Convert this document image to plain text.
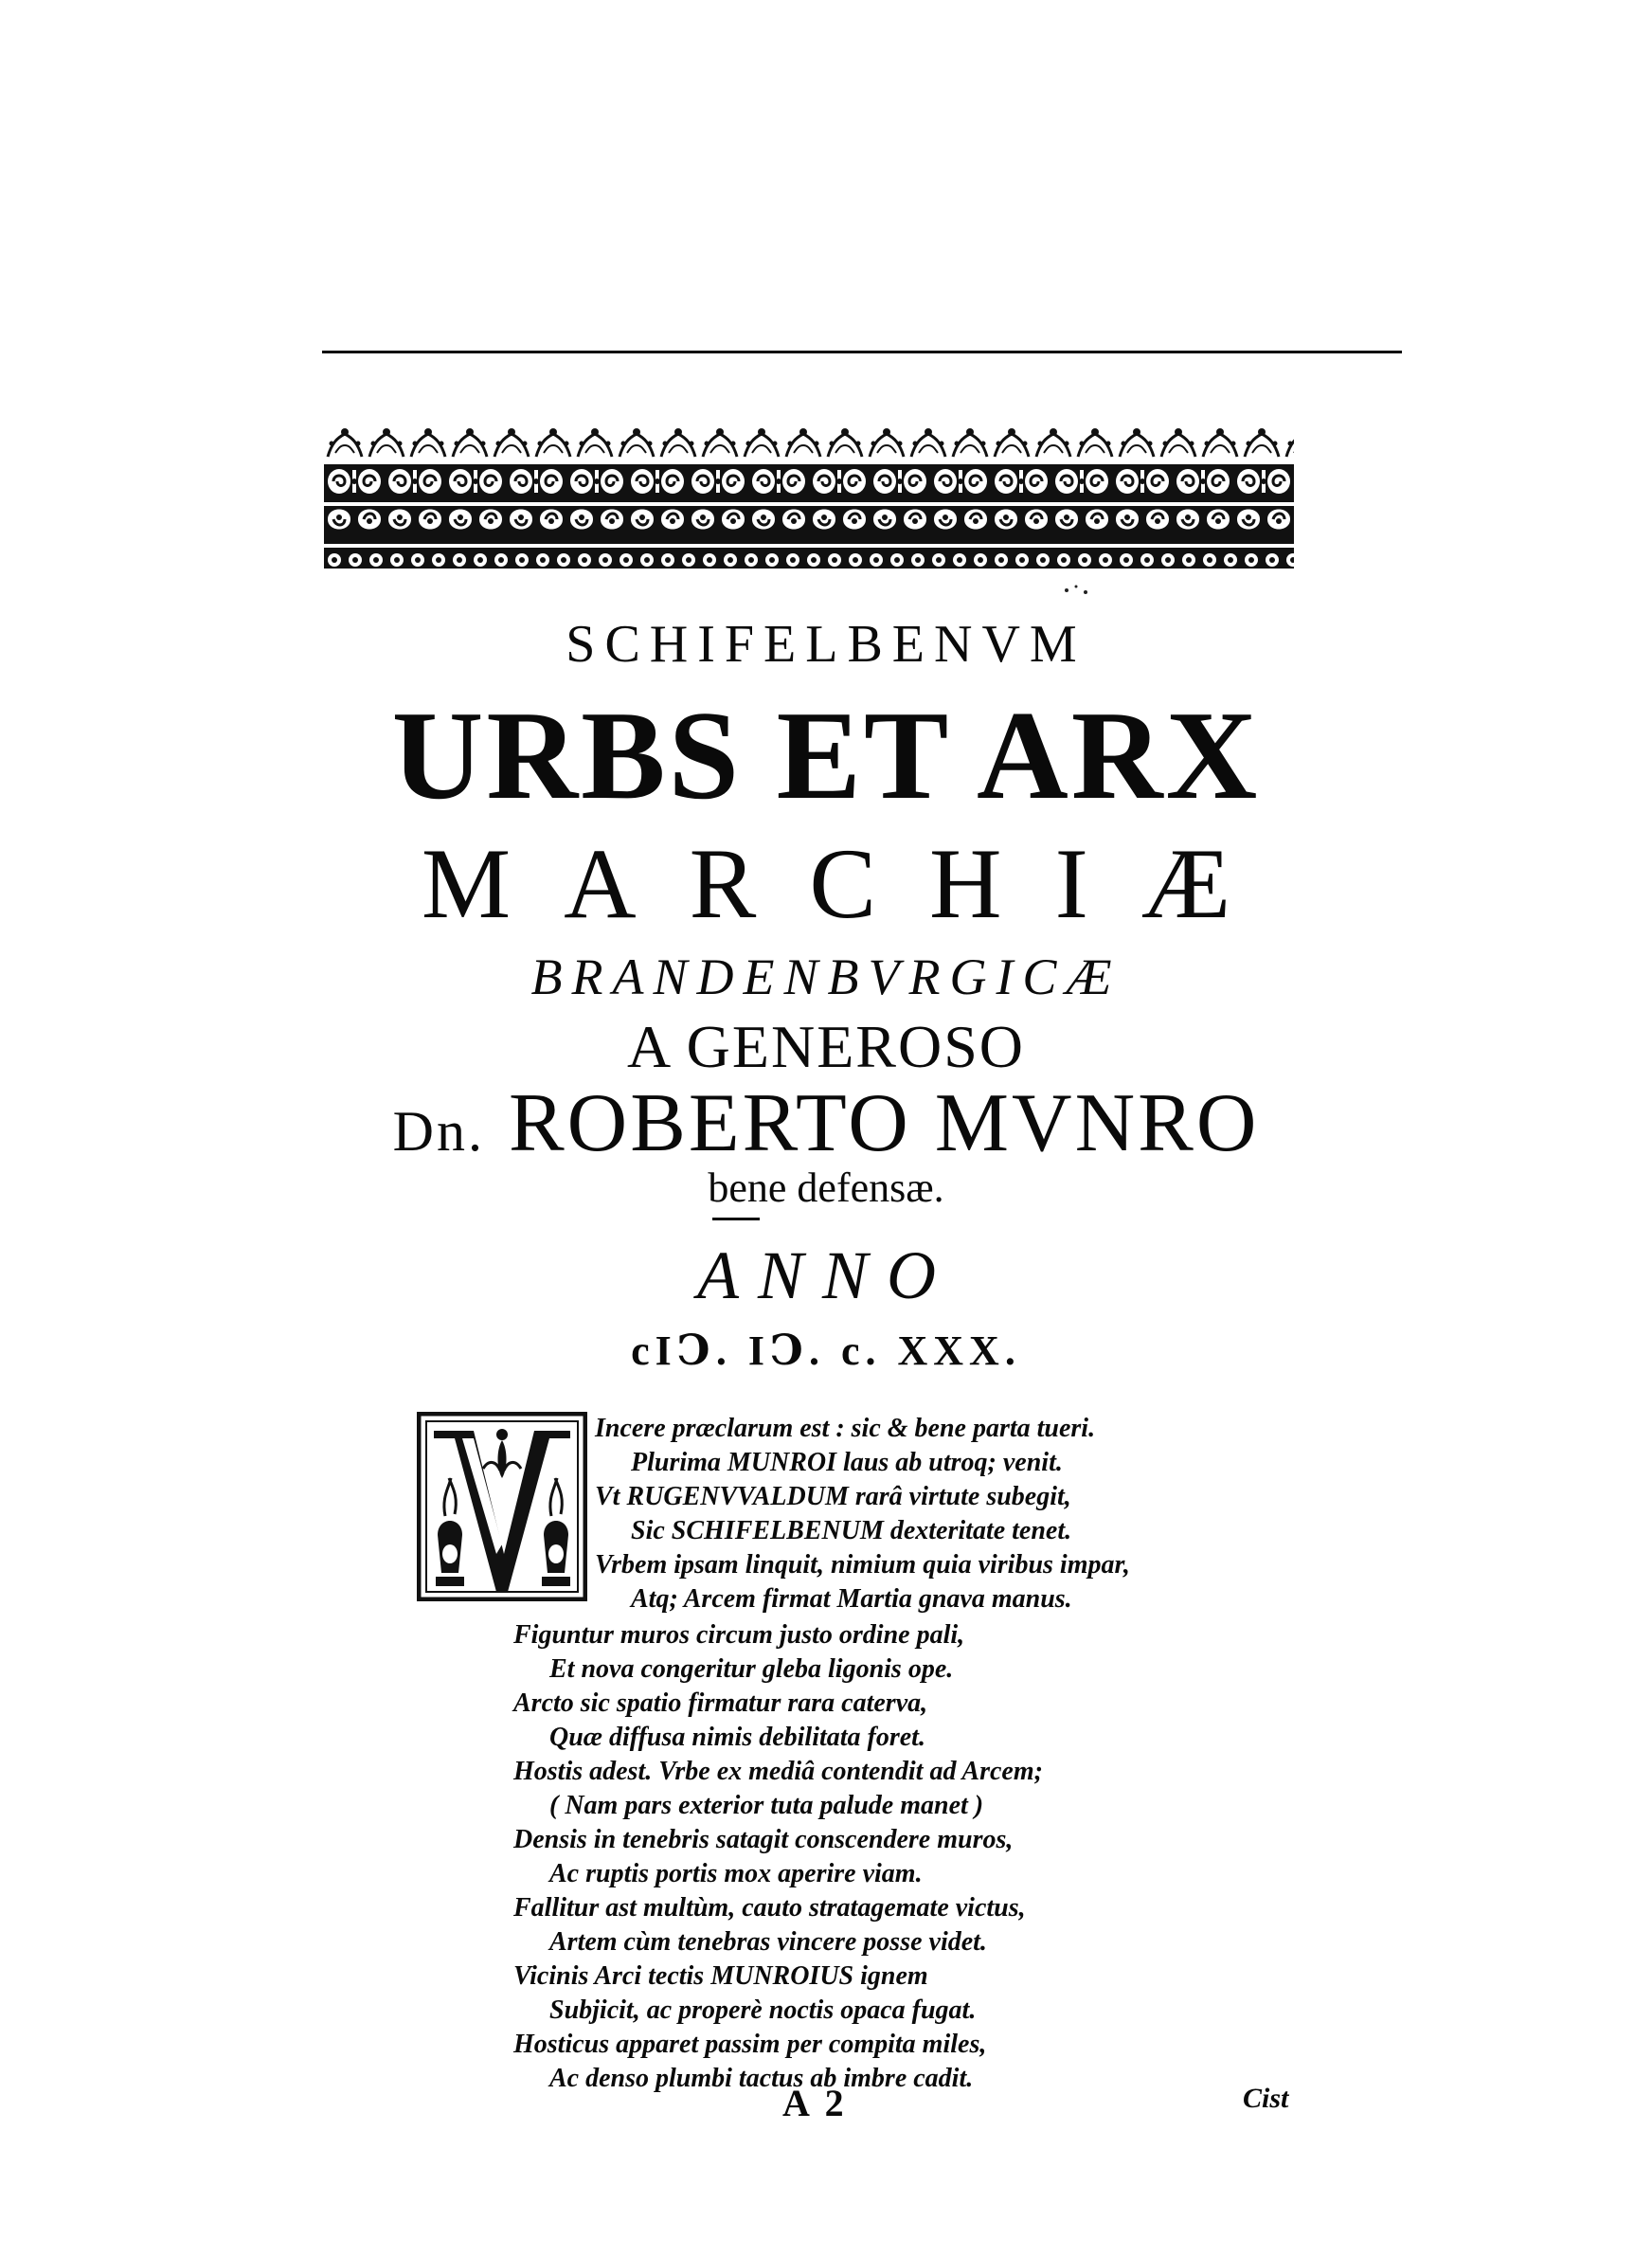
SCHIFELBENVM
URBS ET ARX
MARCHIÆ
BRANDENBVRGICÆ
A GENEROSO
Dn. ROBERTO MVNRO
bene defensæ.
ANNO
cIↃ. IↃ. c. XXX.
Incere præclarum est : sic & bene parta tueri.
Plurima MUNROI laus ab utroq; venit.
Vt RUGENVVALDUM rarâ virtute subegit,
Sic SCHIFELBENUM dexteritate tenet.
Vrbem ipsam linquit, nimium quia viribus impar,
Atq; Arcem firmat Martia gnava manus.
Figuntur muros circum justo ordine pali,
Et nova congeritur gleba ligonis ope.
Arcto sic spatio firmatur rara caterva,
Quæ diffusa nimis debilitata foret.
Hostis adest. Vrbe ex mediâ contendit ad Arcem;
( Nam pars exterior tuta palude manet )
Densis in tenebris satagit conscendere muros,
Ac ruptis portis mox aperire viam.
Fallitur ast multùm, cauto stratagemate victus,
Artem cùm tenebras vincere posse videt.
Vicinis Arci tectis MUNROIUS ignem
Subjicit, ac properè noctis opaca fugat.
Hosticus apparet passim per compita miles,
Ac denso plumbi tactus ab imbre cadit.
A 2	Cist
